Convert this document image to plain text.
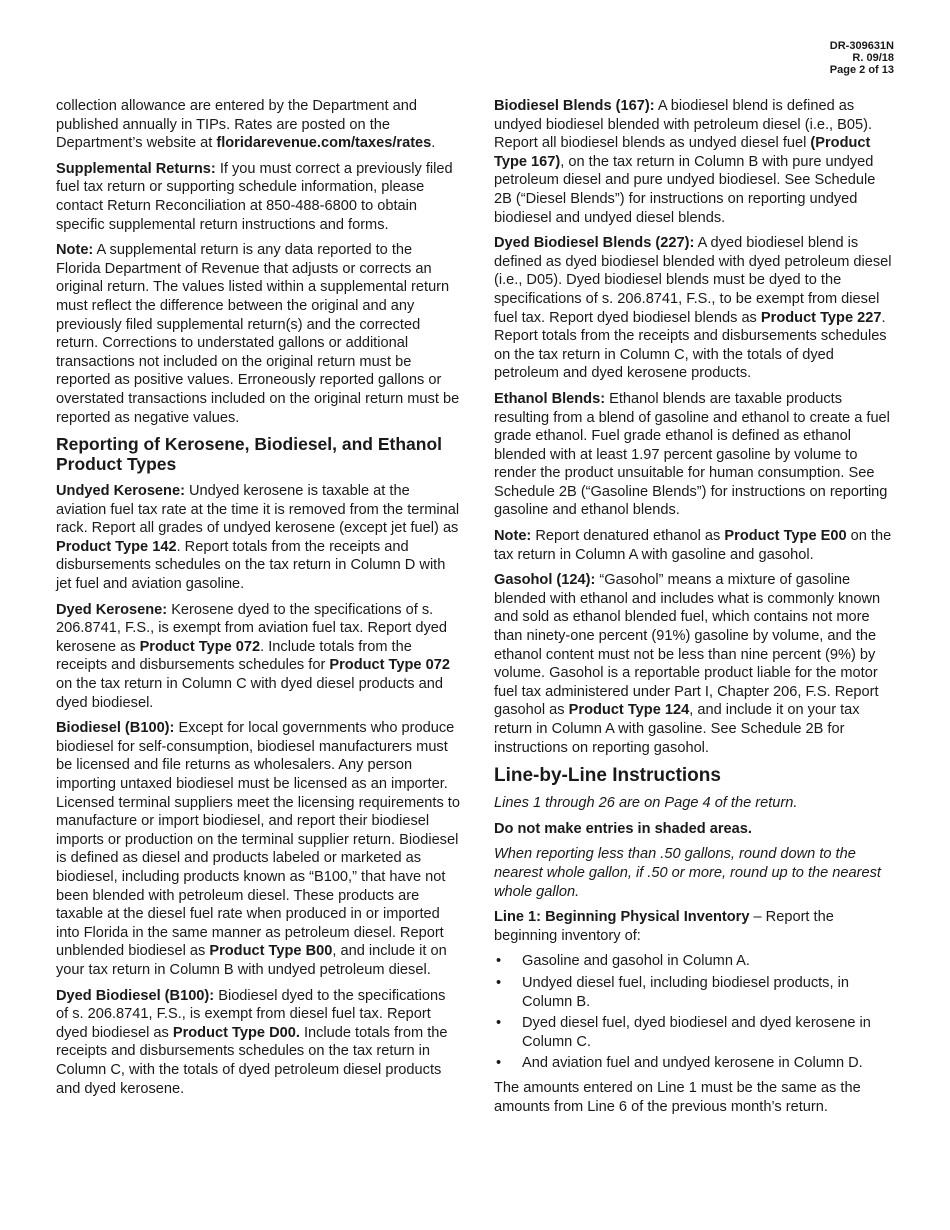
DR-309631N
R. 09/18
Page 2 of 13

collection allowance are entered by the Department and published annually in TIPs. Rates are posted on the Department’s website at floridarevenue.com/taxes/rates.

Supplemental Returns: If you must correct a previously filed fuel tax return or supporting schedule information, please contact Return Reconciliation at 850-488-6800 to obtain specific supplemental return instructions and forms.

Note: A supplemental return is any data reported to the Florida Department of Revenue that adjusts or corrects an original return. The values listed within a supplemental return must reflect the difference between the original and any previously filed supplemental return(s) and the corrected return. Corrections to understated gallons or additional transactions not included on the original return must be reported as positive values. Erroneously reported gallons or overstated transactions included on the original return must be reported as negative values.

Reporting of Kerosene, Biodiesel, and Ethanol Product Types

Undyed Kerosene: Undyed kerosene is taxable at the aviation fuel tax rate at the time it is removed from the terminal rack. Report all grades of undyed kerosene (except jet fuel) as Product Type 142. Report totals from the receipts and disbursements schedules on the tax return in Column D with jet fuel and aviation gasoline.

Dyed Kerosene: Kerosene dyed to the specifications of s. 206.8741, F.S., is exempt from aviation fuel tax. Report dyed kerosene as Product Type 072. Include totals from the receipts and disbursements schedules for Product Type 072 on the tax return in Column C with dyed diesel products and dyed biodiesel.

Biodiesel (B100): Except for local governments who produce biodiesel for self-consumption, biodiesel manufacturers must be licensed and file returns as wholesalers. Any person importing untaxed biodiesel must be licensed as an importer. Licensed terminal suppliers meet the licensing requirements to manufacture or import biodiesel, and report their biodiesel imports or production on the terminal supplier return. Biodiesel is defined as diesel and products labeled or marketed as biodiesel, including products known as “B100,” that have not been blended with petroleum diesel. These products are taxable at the diesel fuel rate when produced in or imported into Florida in the same manner as petroleum diesel. Report unblended biodiesel as Product Type B00, and include it on your tax return in Column B with undyed petroleum diesel.

Dyed Biodiesel (B100): Biodiesel dyed to the specifications of s. 206.8741, F.S., is exempt from diesel fuel tax. Report dyed biodiesel as Product Type D00. Include totals from the receipts and disbursements schedules on the tax return in Column C, with the totals of dyed petroleum diesel products and dyed kerosene.

Biodiesel Blends (167): A biodiesel blend is defined as undyed biodiesel blended with petroleum diesel (i.e., B05). Report all biodiesel blends as undyed diesel fuel (Product Type 167), on the tax return in Column B with pure undyed petroleum diesel and pure undyed biodiesel. See Schedule 2B (“Diesel Blends”) for instructions on reporting undyed biodiesel and undyed diesel blends.

Dyed Biodiesel Blends (227): A dyed biodiesel blend is defined as dyed biodiesel blended with dyed petroleum diesel (i.e., D05). Dyed biodiesel blends must be dyed to the specifications of s. 206.8741, F.S., to be exempt from diesel fuel tax. Report dyed biodiesel blends as Product Type 227. Report totals from the receipts and disbursements schedules on the tax return in Column C, with the totals of dyed petroleum and dyed kerosene products.

Ethanol Blends: Ethanol blends are taxable products resulting from a blend of gasoline and ethanol to create a fuel grade ethanol. Fuel grade ethanol is defined as ethanol blended with at least 1.97 percent gasoline by volume to render the product unsuitable for human consumption. See Schedule 2B (“Gasoline Blends”) for instructions on reporting gasoline and ethanol blends.

Note: Report denatured ethanol as Product Type E00 on the tax return in Column A with gasoline and gasohol.

Gasohol (124): “Gasohol” means a mixture of gasoline blended with ethanol and includes what is commonly known and sold as ethanol blended fuel, which contains not more than ninety-one percent (91%) gasoline by volume, and the ethanol content must not be less than nine percent (9%) by volume. Gasohol is a reportable product liable for the motor fuel tax administered under Part I, Chapter 206, F.S. Report gasohol as Product Type 124, and include it on your tax return in Column A with gasoline. See Schedule 2B for instructions on reporting gasohol.

Line-by-Line Instructions

Lines 1 through 26 are on Page 4 of the return.

Do not make entries in shaded areas.

When reporting less than .50 gallons, round down to the nearest whole gallon, if .50 or more, round up to the nearest whole gallon.

Line 1: Beginning Physical Inventory – Report the beginning inventory of:

• Gasoline and gasohol in Column A.
• Undyed diesel fuel, including biodiesel products, in Column B.
• Dyed diesel fuel, dyed biodiesel and dyed kerosene in Column C.
• And aviation fuel and undyed kerosene in Column D.

The amounts entered on Line 1 must be the same as the amounts from Line 6 of the previous month’s return.
